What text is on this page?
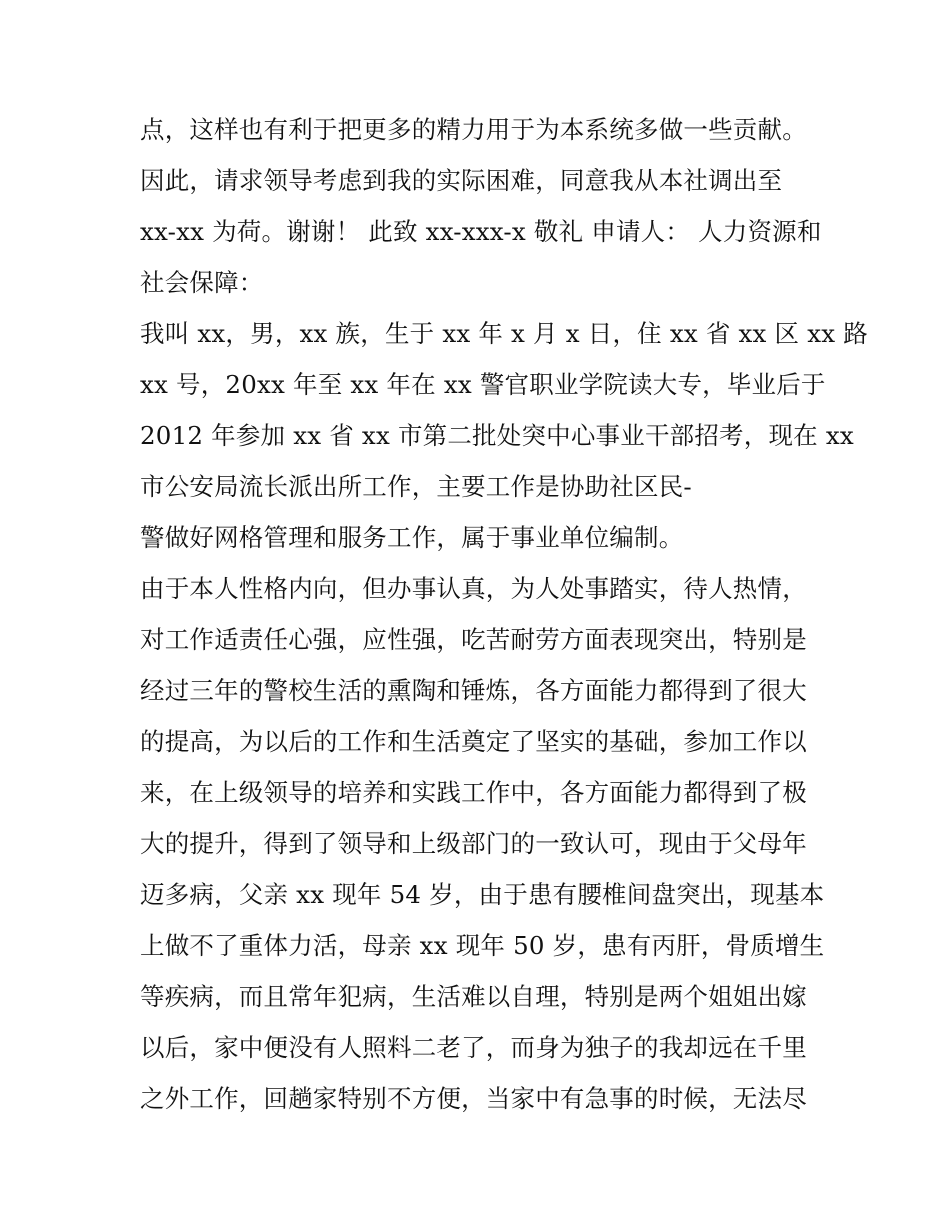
点，这样也有利于把更多的精力用于为本系统多做一些贡献。
因此，请求领导考虑到我的实际困难，同意我从本社调出至
xx-xx 为荷。谢谢！ 此致 xx-xxx-x 敬礼 申请人： 人力资源和
社会保障：
我叫 xx，男，xx 族，生于 xx 年 x 月 x 日，住 xx 省 xx 区 xx 路
xx 号，20xx 年至 xx 年在 xx 警官职业学院读大专，毕业后于
2012 年参加 xx 省 xx 市第二批处突中心事业干部招考，现在 xx
市公安局流长派出所工作，主要工作是协助社区民-
警做好网格管理和服务工作，属于事业单位编制。
由于本人性格内向，但办事认真，为人处事踏实，待人热情，
对工作适责任心强，应性强，吃苦耐劳方面表现突出，特别是
经过三年的警校生活的熏陶和锤炼，各方面能力都得到了很大
的提高，为以后的工作和生活奠定了坚实的基础，参加工作以
来，在上级领导的培养和实践工作中，各方面能力都得到了极
大的提升，得到了领导和上级部门的一致认可，现由于父母年
迈多病，父亲 xx 现年 54 岁，由于患有腰椎间盘突出，现基本
上做不了重体力活，母亲 xx 现年 50 岁，患有丙肝，骨质增生
等疾病，而且常年犯病，生活难以自理，特别是两个姐姐出嫁
以后，家中便没有人照料二老了，而身为独子的我却远在千里
之外工作，回趟家特别不方便，当家中有急事的时候，无法尽
